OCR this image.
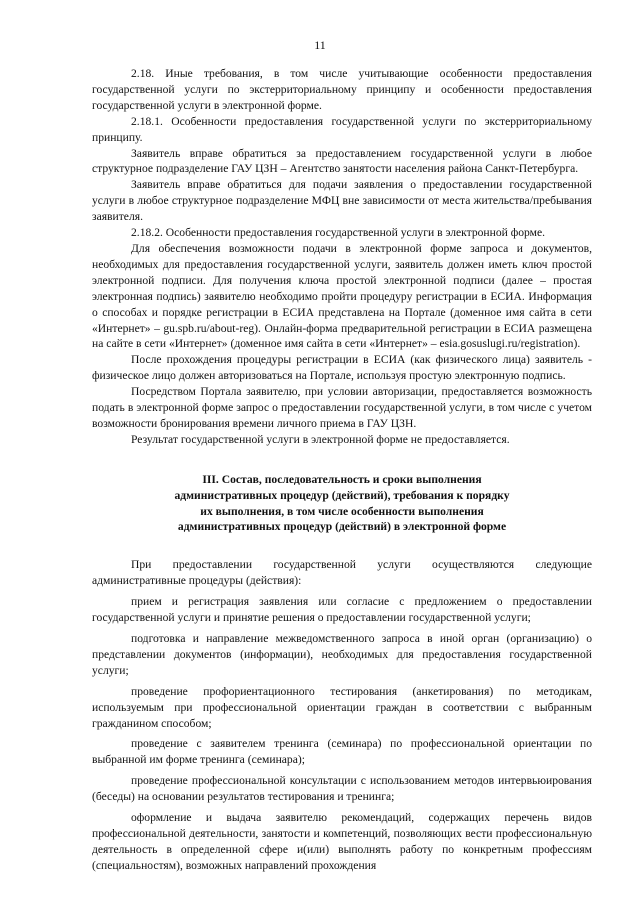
11

2.18. Иные требования, в том числе учитывающие особенности предоставления государственной услуги по экстерриториальному принципу и особенности предоставления государственной услуги в электронной форме.

2.18.1. Особенности предоставления государственной услуги по экстерриториальному принципу.

Заявитель вправе обратиться за предоставлением государственной услуги в любое структурное подразделение ГАУ ЦЗН – Агентство занятости населения района Санкт-Петербурга.

Заявитель вправе обратиться для подачи заявления о предоставлении государственной услуги в любое структурное подразделение МФЦ вне зависимости от места жительства/пребывания заявителя.

2.18.2. Особенности предоставления государственной услуги в электронной форме.

Для обеспечения возможности подачи в электронной форме запроса и документов, необходимых для предоставления государственной услуги, заявитель должен иметь ключ простой электронной подписи. Для получения ключа простой электронной подписи (далее – простая электронная подпись) заявителю необходимо пройти процедуру регистрации в ЕСИА. Информация о способах и порядке регистрации в ЕСИА представлена на Портале (доменное имя сайта в сети «Интернет» – gu.spb.ru/about-reg). Онлайн-форма предварительной регистрации в ЕСИА размещена на сайте в сети «Интернет» (доменное имя сайта в сети «Интернет» – esia.gosuslugi.ru/registration).

После прохождения процедуры регистрации в ЕСИА (как физического лица) заявитель - физическое лицо должен авторизоваться на Портале, используя простую электронную подпись.

Посредством Портала заявителю, при условии авторизации, предоставляется возможность подать в электронной форме запрос о предоставлении государственной услуги, в том числе с учетом возможности бронирования времени личного приема в ГАУ ЦЗН.

Результат государственной услуги в электронной форме не предоставляется.

III. Состав, последовательность и сроки выполнения
административных процедур (действий), требования к порядку
их выполнения, в том числе особенности выполнения
административных процедур (действий) в электронной форме

При предоставлении государственной услуги осуществляются следующие административные процедуры (действия):

прием и регистрация заявления или согласие с предложением о предоставлении государственной услуги и принятие решения о предоставлении государственной услуги;

подготовка и направление межведомственного запроса в иной орган (организацию) о представлении документов (информации), необходимых для предоставления государственной услуги;

проведение профориентационного тестирования (анкетирования) по методикам, используемым при профессиональной ориентации граждан в соответствии с выбранным гражданином способом;

проведение с заявителем тренинга (семинара) по профессиональной ориентации по выбранной им форме тренинга (семинара);

проведение профессиональной консультации с использованием методов интервьюирования (беседы) на основании результатов тестирования и тренинга;

оформление и выдача заявителю рекомендаций, содержащих перечень видов профессиональной деятельности, занятости и компетенций, позволяющих вести профессиональную деятельность в определенной сфере и(или) выполнять работу по конкретным профессиям (специальностям), возможных направлений прохождения
